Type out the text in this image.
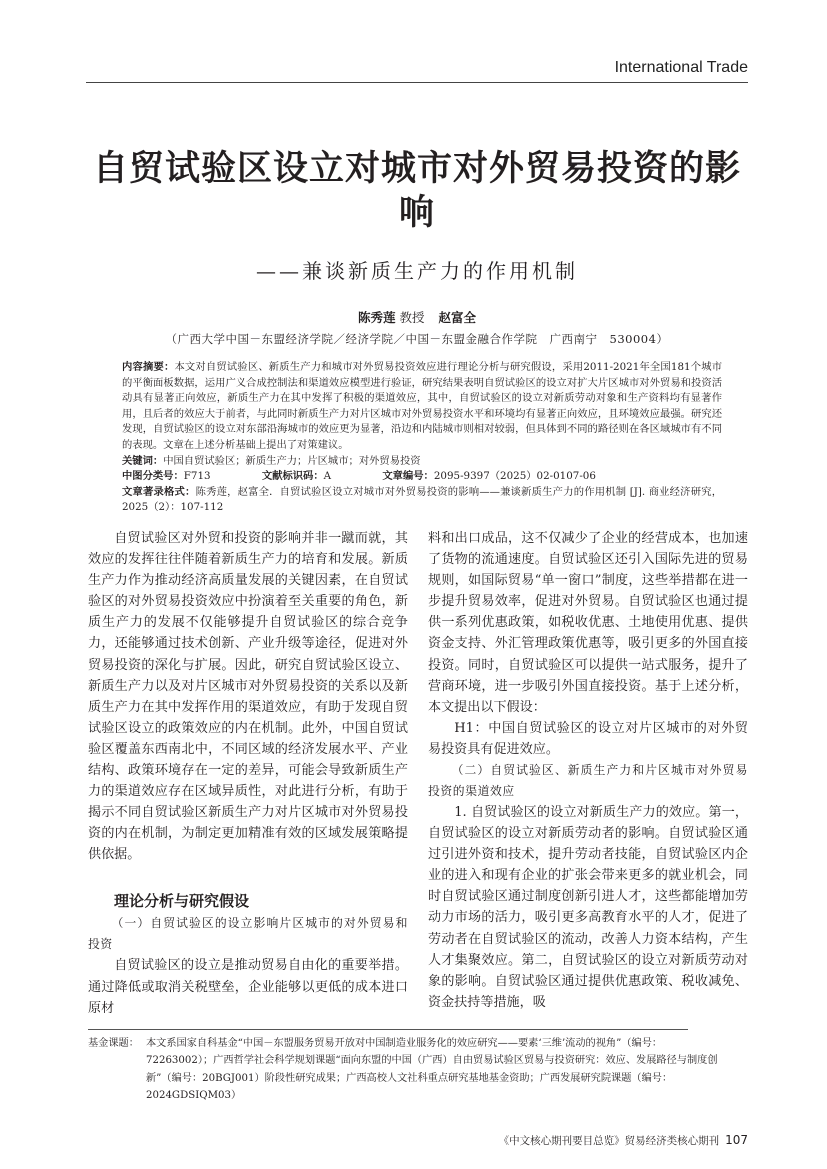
International Trade
自贸试验区设立对城市对外贸易投资的影响
——兼谈新质生产力的作用机制
陈秀莲 教授 赵富全
（广西大学中国－东盟经济学院／经济学院／中国－东盟金融合作学院　广西南宁　530004）
内容摘要：本文对自贸试验区、新质生产力和城市对外贸易投资效应进行理论分析与研究假设，采用2011-2021年全国181个城市的平衡面板数据，运用广义合成控制法和渠道效应模型进行验证，研究结果表明自贸试验区的设立对扩大片区城市对外贸易和投资活动具有显著正向效应，新质生产力在其中发挥了积极的渠道效应，其中，自贸试验区的设立对新质劳动对象和生产资料均有显著作用，且后者的效应大于前者，与此同时新质生产力对片区城市对外贸易投资水平和环境均有显著正向效应，且环境效应最强。研究还发现，自贸试验区的设立对东部沿海城市的效应更为显著，沿边和内陆城市则相对较弱，但具体到不同的路径则在各区域城市有不同的表现。文章在上述分析基础上提出了对策建议。
关键词：中国自贸试验区；新质生产力；片区城市；对外贸易投资
中图分类号：F713	文献标识码：A	文章编号：2095-9397（2025）02-0107-06
文章著录格式：陈秀莲，赵富全．自贸试验区设立对城市对外贸易投资的影响——兼谈新质生产力的作用机制 [J]. 商业经济研究，2025（2）：107-112

自贸试验区对外贸和投资的影响并非一蹴而就，其效应的发挥往往伴随着新质生产力的培育和发展。新质生产力作为推动经济高质量发展的关键因素，在自贸试验区的对外贸易投资效应中扮演着至关重要的角色，新质生产力的发展不仅能够提升自贸试验区的综合竞争力，还能够通过技术创新、产业升级等途径，促进对外贸易投资的深化与扩展。因此，研究自贸试验区设立、新质生产力以及对片区城市对外贸易投资的关系以及新质生产力在其中发挥作用的渠道效应，有助于发现自贸试验区设立的政策效应的内在机制。此外，中国自贸试验区覆盖东西南北中，不同区域的经济发展水平、产业结构、政策环境存在一定的差异，可能会导致新质生产力的渠道效应存在区域异质性，对此进行分析，有助于揭示不同自贸试验区新质生产力对片区城市对外贸易投资的内在机制，为制定更加精准有效的区域发展策略提供依据。

理论分析与研究假设

（一）自贸试验区的设立影响片区城市的对外贸易和投资

自贸试验区的设立是推动贸易自由化的重要举措。通过降低或取消关税壁垒，企业能够以更低的成本进口原材

料和出口成品，这不仅减少了企业的经营成本，也加速了货物的流通速度。自贸试验区还引入国际先进的贸易规则，如国际贸易“单一窗口”制度，这些举措都在进一步提升贸易效率，促进对外贸易。自贸试验区也通过提供一系列优惠政策，如税收优惠、土地使用优惠、提供资金支持、外汇管理政策优惠等，吸引更多的外国直接投资。同时，自贸试验区可以提供一站式服务，提升了营商环境，进一步吸引外国直接投资。基于上述分析，本文提出以下假设：

H1：中国自贸试验区的设立对片区城市的对外贸易投资具有促进效应。

（二）自贸试验区、新质生产力和片区城市对外贸易投资的渠道效应

1. 自贸试验区的设立对新质生产力的效应。第一，自贸试验区的设立对新质劳动者的影响。自贸试验区通过引进外资和技术，提升劳动者技能，自贸试验区内企业的进入和现有企业的扩张会带来更多的就业机会，同时自贸试验区通过制度创新引进人才，这些都能增加劳动力市场的活力，吸引更多高教育水平的人才，促进了劳动者在自贸试验区的流动，改善人力资本结构，产生人才集聚效应。第二，自贸试验区的设立对新质劳动对象的影响。自贸试验区通过提供优惠政策、税收减免、资金扶持等措施，吸

基金课题： 本文系国家自科基金“中国－东盟服务贸易开放对中国制造业服务化的效应研究——要素‘三维’流动的视角”（编号：72263002）；广西哲学社会科学规划课题“面向东盟的中国（广西）自由贸易试验区贸易与投资研究：效应、发展路径与制度创新”（编号：20BGJ001）阶段性研究成果；广西高校人文社科重点研究基地基金资助；广西发展研究院课题（编号：2024GDSIQM03）
《中文核心期刊要目总览》贸易经济类核心期刊 107
